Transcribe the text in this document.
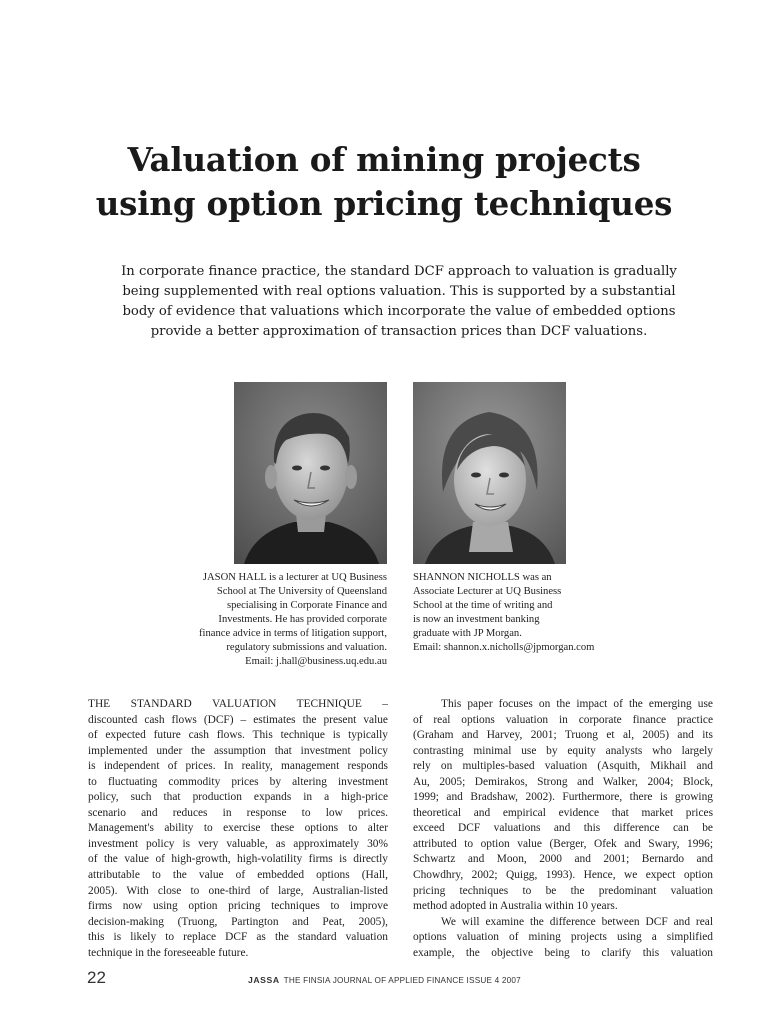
Valuation of mining projects
using option pricing techniques
In corporate finance practice, the standard DCF approach to valuation is gradually
being supplemented with real options valuation. This is supported by a substantial
body of evidence that valuations which incorporate the value of embedded options
provide a better approximation of transaction prices than DCF valuations.
JASON HALL is a lecturer at UQ Business
School at The University of Queensland
specialising in Corporate Finance and
Investments. He has provided corporate
finance advice in terms of litigation support,
regulatory submissions and valuation.
Email: j.hall@business.uq.edu.au
SHANNON NICHOLLS was an
Associate Lecturer at UQ Business
School at the time of writing and
is now an investment banking
graduate with JP Morgan.
Email: shannon.x.nicholls@jpmorgan.com
THE STANDARD VALUATION TECHNIQUE –
discounted cash flows (DCF) – estimates the present value
of expected future cash flows. This technique is typically
implemented under the assumption that investment policy
is independent of prices. In reality, management responds
to fluctuating commodity prices by altering investment
policy, such that production expands in a high-price
scenario and reduces in response to low prices.
Management's ability to exercise these options to alter
investment policy is very valuable, as approximately 30%
of the value of high-growth, high-volatility firms is directly
attributable to the value of embedded options (Hall,
2005). With close to one-third of large, Australian-listed
firms now using option pricing techniques to improve
decision-making (Truong, Partington and Peat, 2005),
this is likely to replace DCF as the standard valuation
technique in the foreseeable future.
This paper focuses on the impact of the emerging use
of real options valuation in corporate finance practice
(Graham and Harvey, 2001; Truong et al, 2005) and its
contrasting minimal use by equity analysts who largely
rely on multiples-based valuation (Asquith, Mikhail and
Au, 2005; Demirakos, Strong and Walker, 2004; Block,
1999; and Bradshaw, 2002). Furthermore, there is growing
theoretical and empirical evidence that market prices
exceed DCF valuations and this difference can be
attributed to option value (Berger, Ofek and Swary, 1996;
Schwartz and Moon, 2000 and 2001; Bernardo and
Chowdhry, 2002; Quigg, 1993). Hence, we expect option
pricing techniques to be the predominant valuation
method adopted in Australia within 10 years.
We will examine the difference between DCF and real
options valuation of mining projects using a simplified
example, the objective being to clarify this valuation
22	JASSA THE FINSIA JOURNAL OF APPLIED FINANCE ISSUE 4 2007
